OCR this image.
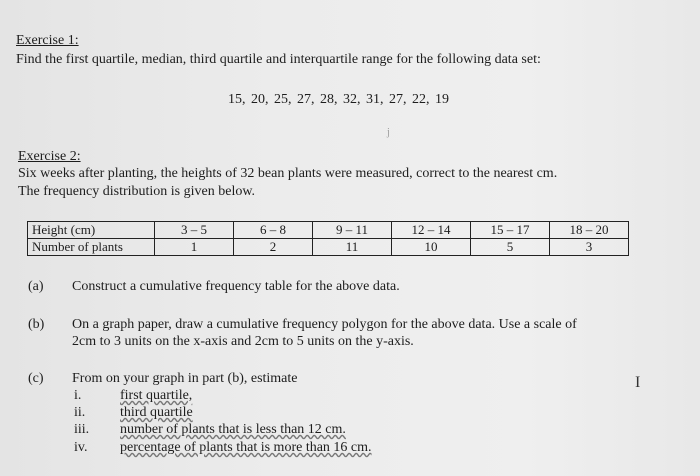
Exercise 1:
Find the first quartile, median, third quartile and interquartile range for the following data set:
15, 20, 25, 27, 28, 32, 31, 27, 22, 19
j
Exercise 2:
Six weeks after planting, the heights of 32 bean plants were measured, correct to the nearest cm.
The frequency distribution is given below.
Height (cm)	3 – 5	6 – 8	9 – 11	12 – 14	15 – 17	18 – 20
Number of plants	1	2	11	10	5	3
(a) Construct a cumulative frequency table for the above data.
(b) On a graph paper, draw a cumulative frequency polygon for the above data. Use a scale of
2cm to 3 units on the x-axis and 2cm to 5 units on the y-axis.
(c) From on your graph in part (b), estimate
i.	first quartile,
ii. third quartile
iii. number of plants that is less than 12 cm.
iv. percentage of plants that is more than 16 cm.
I
